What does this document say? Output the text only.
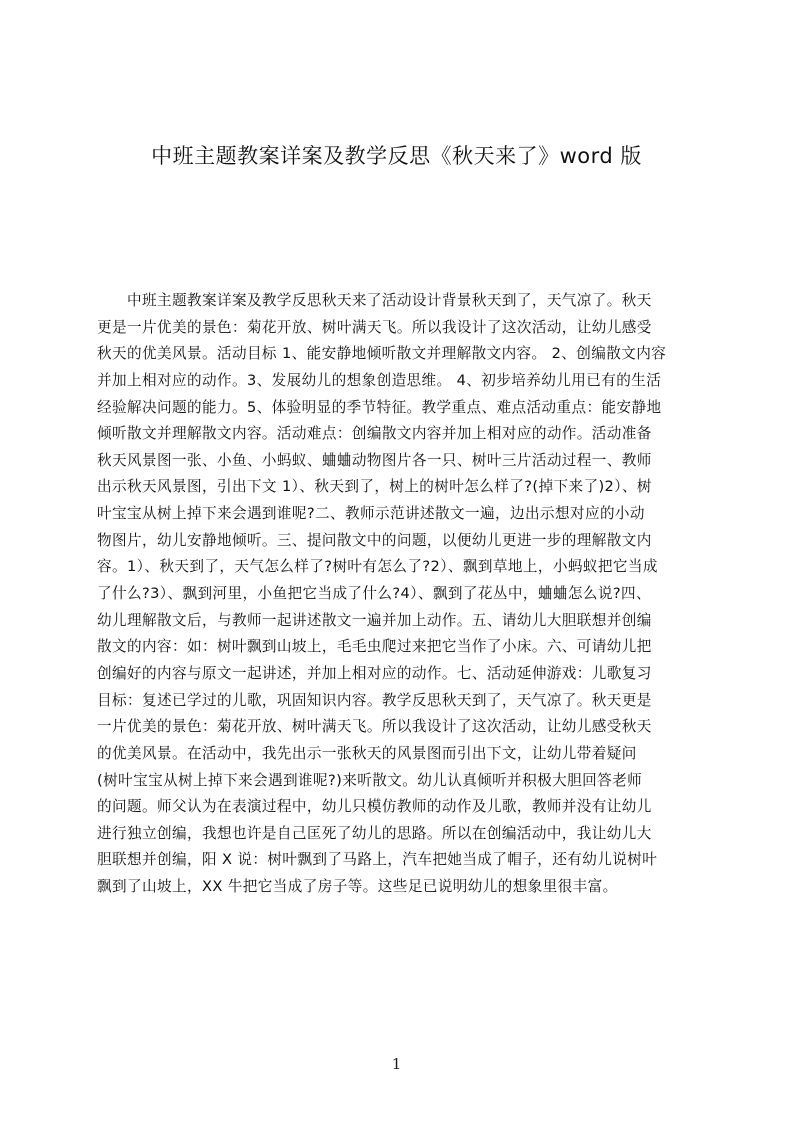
中班主题教案详案及教学反思《秋天来了》word 版
　　中班主题教案详案及教学反思秋天来了活动设计背景秋天到了，天气凉了。秋天
更是一片优美的景色：菊花开放、树叶满天飞。所以我设计了这次活动，让幼儿感受
秋天的优美风景。活动目标 1、能安静地倾听散文并理解散文内容。 2、创编散文内容
并加上相对应的动作。3、发展幼儿的想象创造思维。 4、初步培养幼儿用已有的生活
经验解决问题的能力。5、体验明显的季节特征。教学重点、难点活动重点：能安静地
倾听散文并理解散文内容。活动难点：创编散文内容并加上相对应的动作。活动准备
秋天风景图一张、小鱼、小蚂蚁、蛐蛐动物图片各一只、树叶三片活动过程一、教师
出示秋天风景图，引出下文 1）、秋天到了，树上的树叶怎么样了?(掉下来了)2）、树
叶宝宝从树上掉下来会遇到谁呢?二、教师示范讲述散文一遍，边出示想对应的小动
物图片，幼儿安静地倾听。三、提问散文中的问题，以便幼儿更进一步的理解散文内
容。1）、秋天到了，天气怎么样了?树叶有怎么了?2）、飘到草地上，小蚂蚁把它当成
了什么?3）、飘到河里，小鱼把它当成了什么?4）、飘到了花丛中，蛐蛐怎么说?四、
幼儿理解散文后，与教师一起讲述散文一遍并加上动作。五、请幼儿大胆联想并创编
散文的内容：如：树叶飘到山坡上，毛毛虫爬过来把它当作了小床。六、可请幼儿把
创编好的内容与原文一起讲述，并加上相对应的动作。七、活动延伸游戏：儿歌复习
目标：复述已学过的儿歌，巩固知识内容。教学反思秋天到了，天气凉了。秋天更是
一片优美的景色：菊花开放、树叶满天飞。所以我设计了这次活动，让幼儿感受秋天
的优美风景。在活动中，我先出示一张秋天的风景图而引出下文，让幼儿带着疑问
(树叶宝宝从树上掉下来会遇到谁呢?)来听散文。幼儿认真倾听并积极大胆回答老师
的问题。师父认为在表演过程中，幼儿只模仿教师的动作及儿歌，教师并没有让幼儿
进行独立创编，我想也许是自己匡死了幼儿的思路。所以在创编活动中，我让幼儿大
胆联想并创编，阳 X 说：树叶飘到了马路上，汽车把她当成了帽子，还有幼儿说树叶
飘到了山坡上，XX 牛把它当成了房子等。这些足已说明幼儿的想象里很丰富。
1
